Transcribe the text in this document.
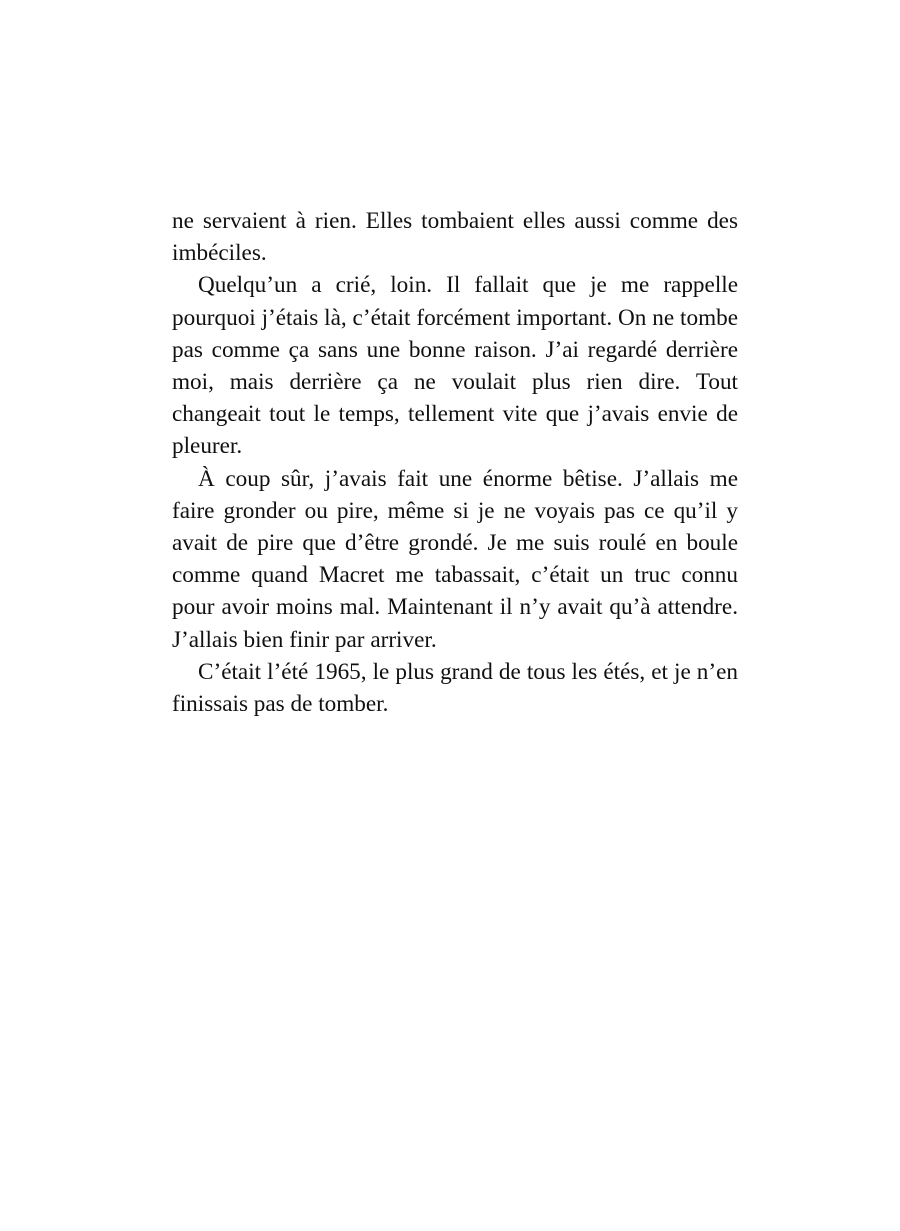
ne servaient à rien. Elles tombaient elles aussi comme des imbéciles.

Quelqu’un a crié, loin. Il fallait que je me rappelle pourquoi j’étais là, c’était forcément important. On ne tombe pas comme ça sans une bonne raison. J’ai regardé derrière moi, mais derrière ça ne voulait plus rien dire. Tout changeait tout le temps, tellement vite que j’avais envie de pleurer.

À coup sûr, j’avais fait une énorme bêtise. J’allais me faire gronder ou pire, même si je ne voyais pas ce qu’il y avait de pire que d’être grondé. Je me suis roulé en boule comme quand Macret me tabassait, c’était un truc connu pour avoir moins mal. Maintenant il n’y avait qu’à attendre. J’allais bien finir par arriver.

C’était l’été 1965, le plus grand de tous les étés, et je n’en finissais pas de tomber.
